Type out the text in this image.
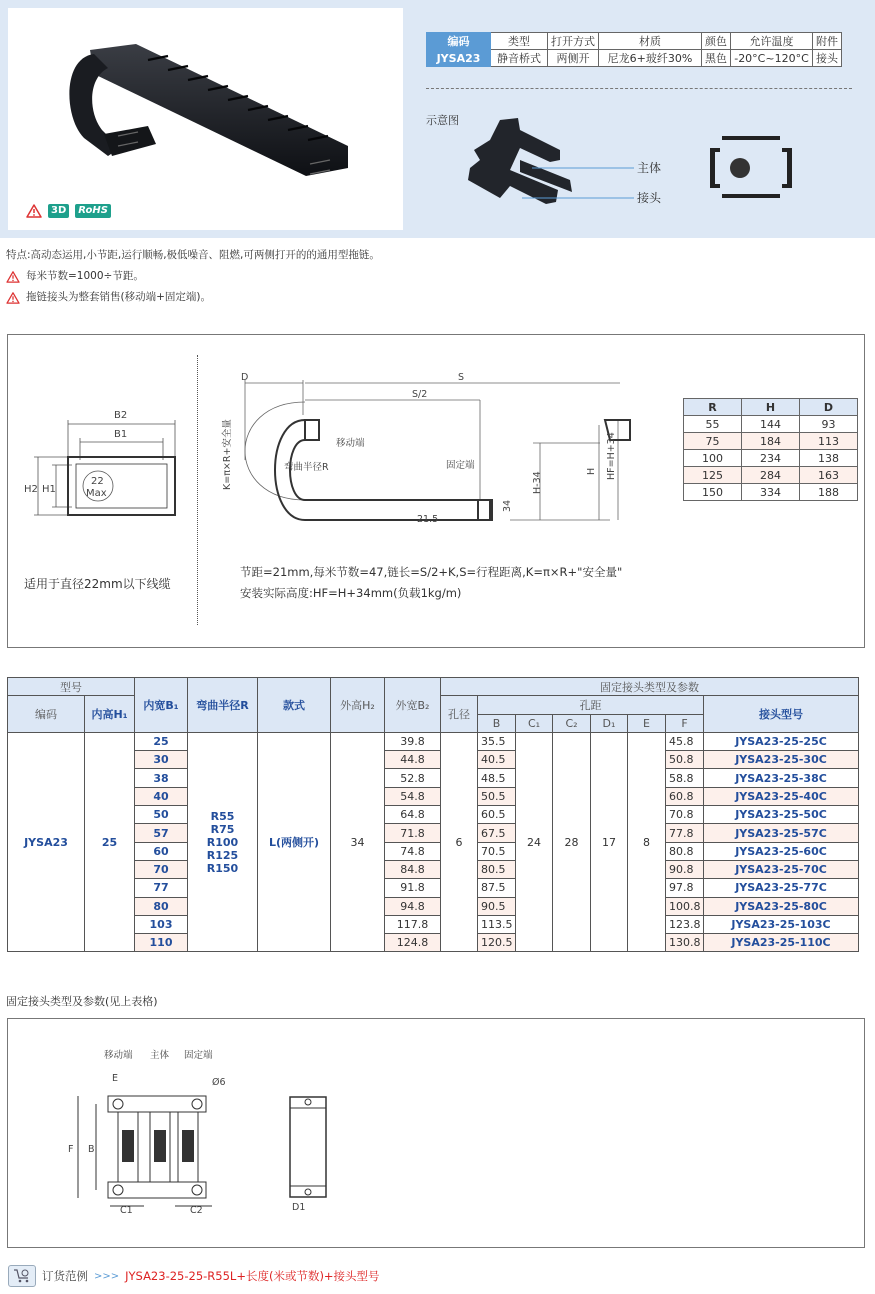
3D	RoHS
编码	类型	打开方式	材质	颜色	允许温度	附件
JYSA23	静音桥式	两侧开	尼龙6+玻纤30%	黑色	-20°C~120°C	接头
示意图
主体
接头
特点:高动态运用,小节距,运行顺畅,极低噪音、阻燃,可两侧打开的的通用型拖链。
每米节数=1000÷节距。
拖链接头为整套销售(移动端+固定端)。
B2
B1
H2 H1
22
Max
适用于直径22mm以下线缆
D	S
S/2
移动端
弯曲半径R	固定端
21.5
34
H-34	H HF=H+34
K=π×R+安全量
R	H	D
55	144	93
75	184	113
100	234	138
125	284	163
150	334	188
节距=21mm,每米节数=47,链长=S/2+K,S=行程距离,K=π×R+"安全量"
安装实际高度:HF=H+34mm(负载1kg/m)
型号		内宽B₁	弯曲半径R	款式	外高H₂	外宽B₂	固定接头类型及参数							
编码	内高H₁						孔径	孔距						接头型号
								B	C₁	C₂	D₁	E	F	
JYSA23	25	25	R55
R75
R100
R125
R150	L(两侧开)	34	39.8	6	35.5	24	28	17	8	45.8	JYSA23-25-25C
		30				44.8		40.5					50.8	JYSA23-25-30C
		38				52.8		48.5					58.8	JYSA23-25-38C
		40				54.8		50.5					60.8	JYSA23-25-40C
		50				64.8		60.5					70.8	JYSA23-25-50C
		57				71.8		67.5					77.8	JYSA23-25-57C
		60				74.8		70.5					80.8	JYSA23-25-60C
		70				84.8		80.5					90.8	JYSA23-25-70C
		77				91.8		87.5					97.8	JYSA23-25-77C
		80				94.8		90.5					100.8	JYSA23-25-80C
		103				117.8		113.5					123.8	JYSA23-25-103C
		110				124.8		120.5					130.8	JYSA23-25-110C
固定接头类型及参数(见上表格)
移动端 主体 固定端
E	Ø6
F B
C1	C2	D1
订货范例 >>> JYSA23-25-25-R55L+长度(米或节数)+接头型号
